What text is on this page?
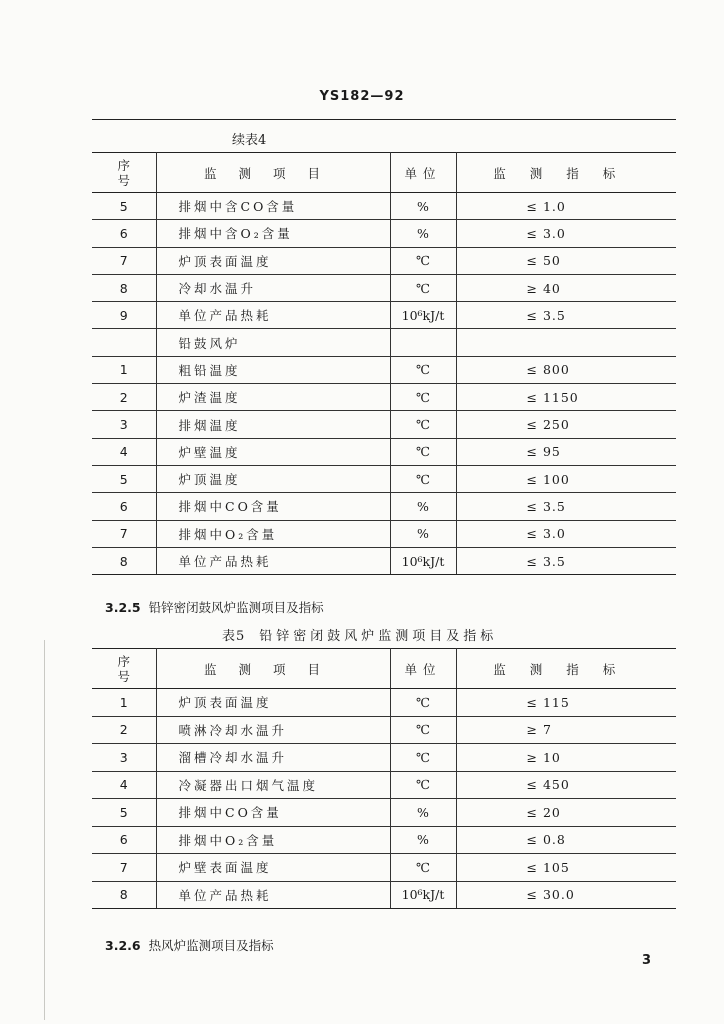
YS182—92
续表4
序号	监测项目	单位	监测指标
5	排烟中含CO含量	%	≤ 1.0
6	排烟中含O₂含量	%	≤ 3.0
7	炉顶表面温度	℃	≤ 50
8	冷却水温升	℃	≥ 40
9	单位产品热耗	10⁶kJ/t	≤ 3.5
	铅鼓风炉		
1	粗铅温度	℃	≤ 800
2	炉渣温度	℃	≤ 1150
3	排烟温度	℃	≤ 250
4	炉壁温度	℃	≤ 95
5	炉顶温度	℃	≤ 100
6	排烟中CO含量	%	≤ 3.5
7	排烟中O₂含量	%	≤ 3.0
8	单位产品热耗	10⁶kJ/t	≤ 3.5
3.2.5 铅锌密闭鼓风炉监测项目及指标
表5 铅锌密闭鼓风炉监测项目及指标
序号	监测项目	单位	监测指标
1	炉顶表面温度	℃	≤ 115
2	喷淋冷却水温升	℃	≥ 7
3	溜槽冷却水温升	℃	≥ 10
4	冷凝器出口烟气温度	℃	≤ 450
5	排烟中CO含量	%	≤ 20
6	排烟中O₂含量	%	≤ 0.8
7	炉壁表面温度	℃	≤ 105
8	单位产品热耗	10⁶kJ/t	≤ 30.0
3.2.6 热风炉监测项目及指标
3
